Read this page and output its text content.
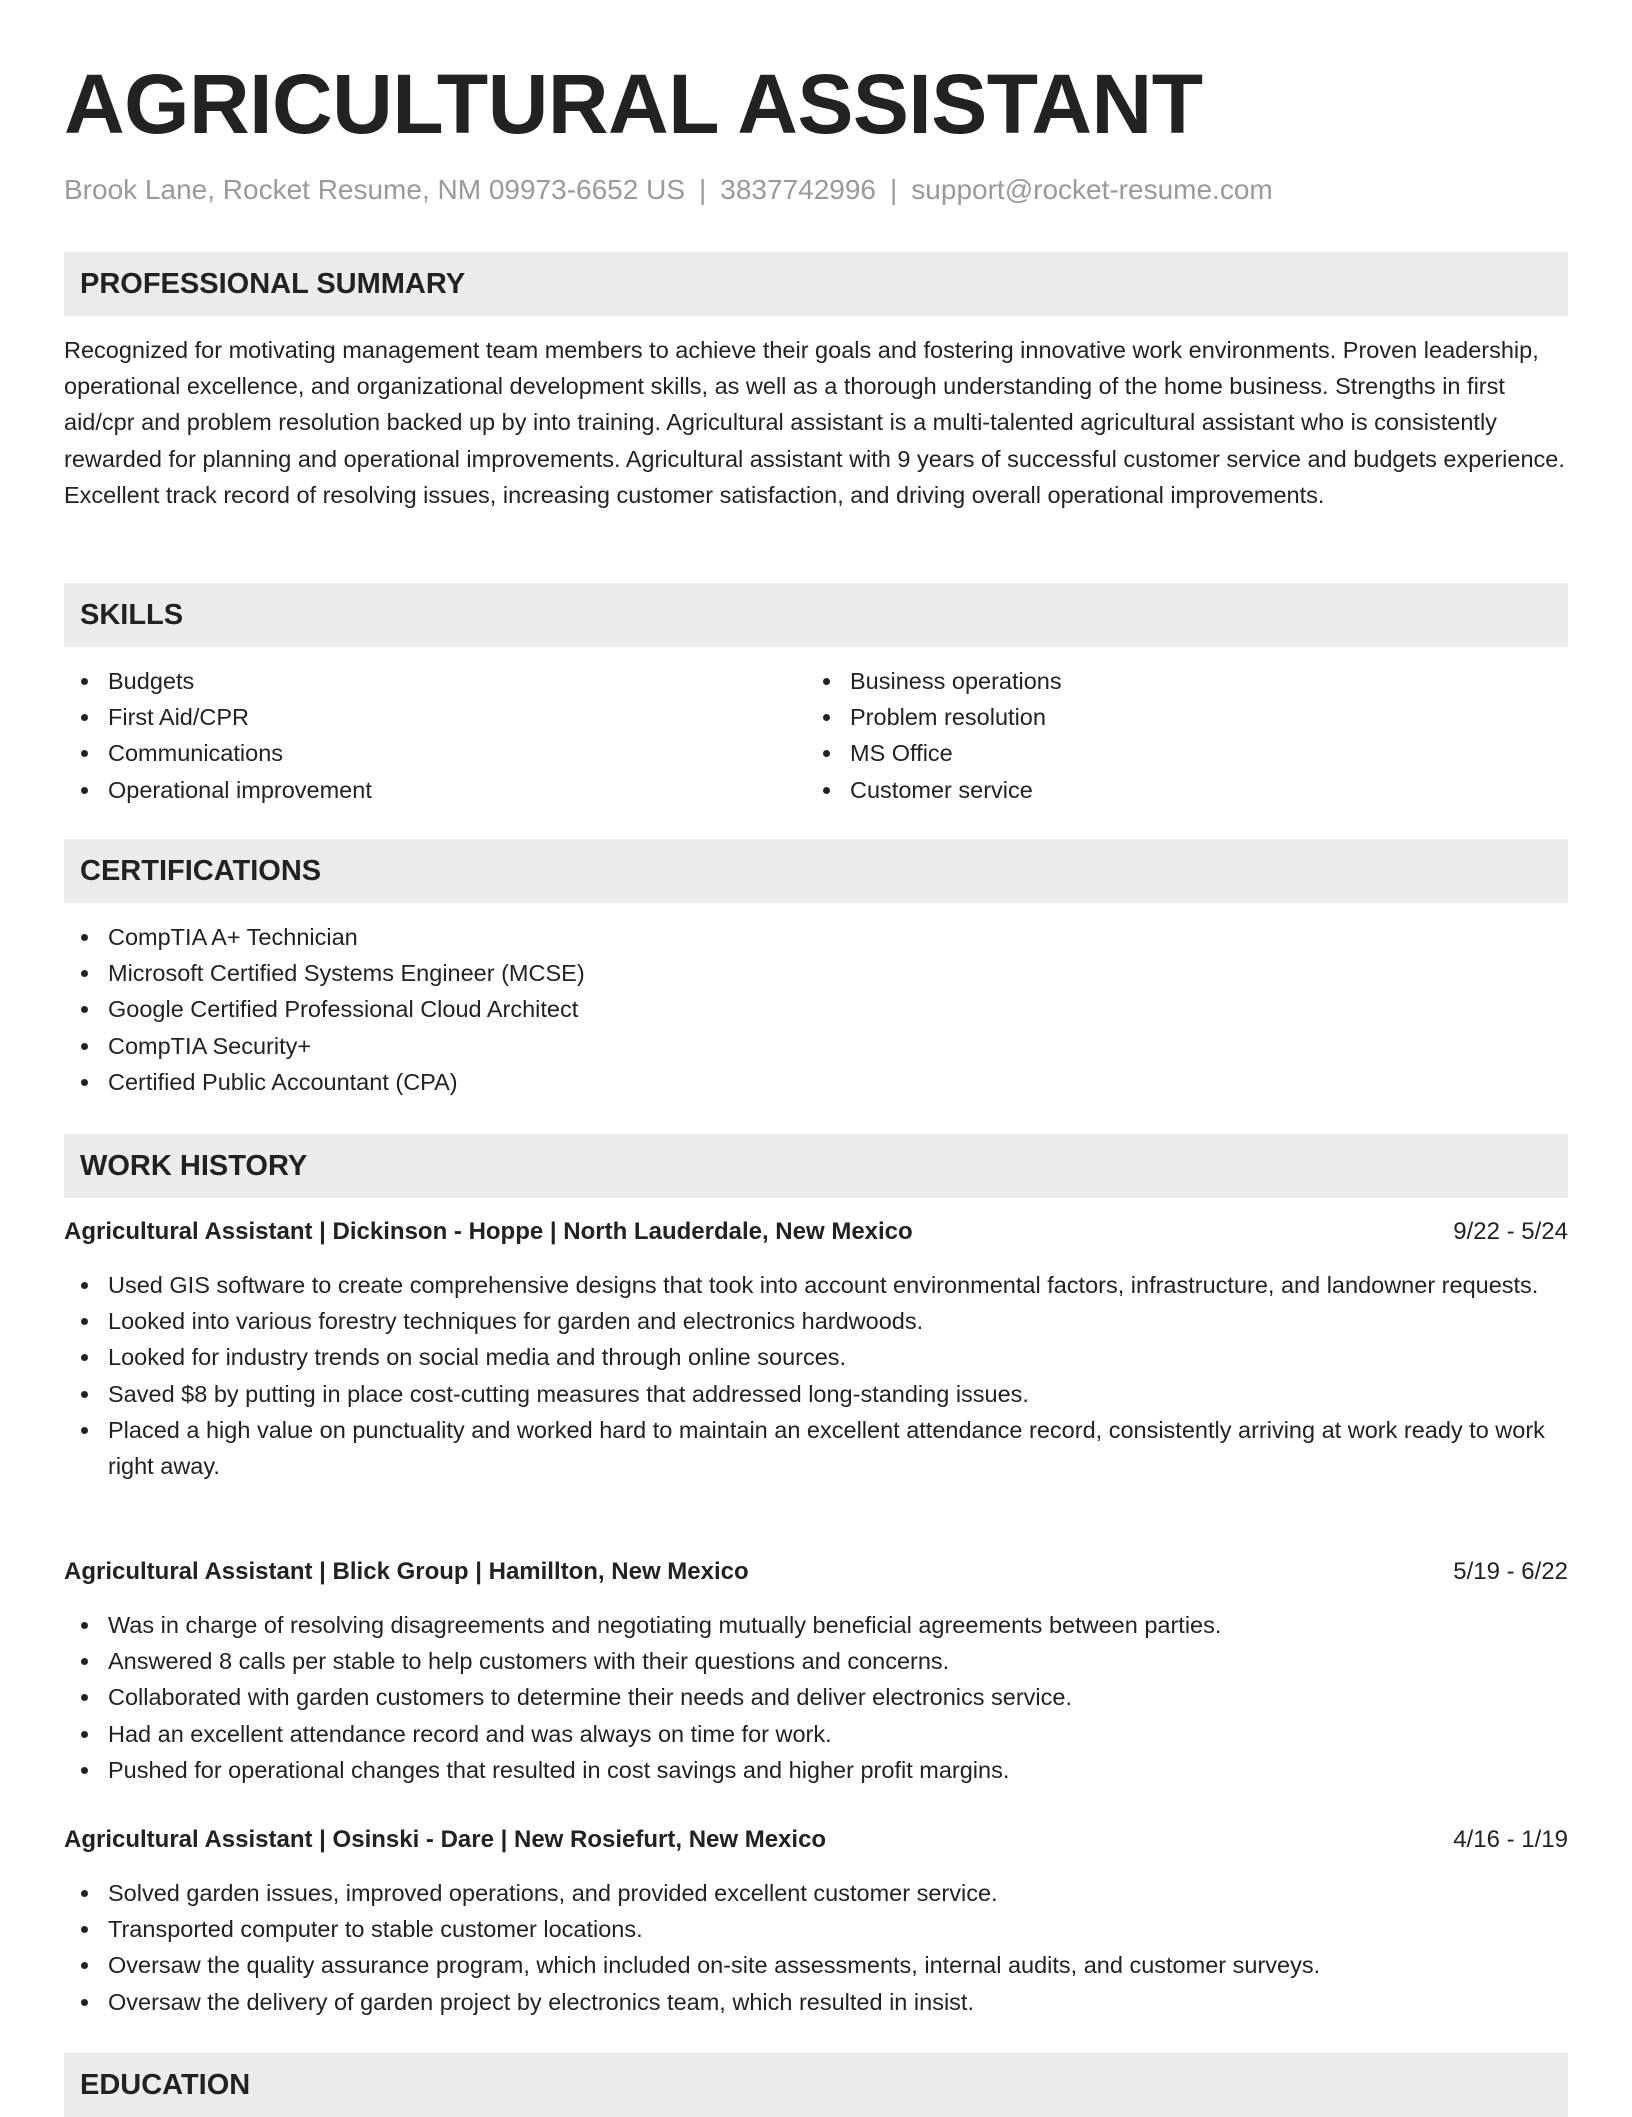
AGRICULTURAL ASSISTANT
Brook Lane, Rocket Resume, NM 09973-6652 US | 3837742996 | support@rocket-resume.com
PROFESSIONAL SUMMARY

Recognized for motivating management team members to achieve their goals and fostering innovative work environments. Proven leadership, operational excellence, and organizational development skills, as well as a thorough understanding of the home business. Strengths in first aid/cpr and problem resolution backed up by into training. Agricultural assistant is a multi-talented agricultural assistant who is consistently rewarded for planning and operational improvements. Agricultural assistant with 9 years of successful customer service and budgets experience. Excellent track record of resolving issues, increasing customer satisfaction, and driving overall operational improvements.

SKILLS
Budgets
First Aid/CPR
Communications
Operational improvement
Business operations
Problem resolution
MS Office
Customer service
CERTIFICATIONS
CompTIA A+ Technician
Microsoft Certified Systems Engineer (MCSE)
Google Certified Professional Cloud Architect
CompTIA Security+
Certified Public Accountant (CPA)
WORK HISTORY
Agricultural Assistant | Dickinson - Hoppe | North Lauderdale, New Mexico	9/22 - 5/24
Used GIS software to create comprehensive designs that took into account environmental factors, infrastructure, and landowner requests.
Looked into various forestry techniques for garden and electronics hardwoods.
Looked for industry trends on social media and through online sources.
Saved $8 by putting in place cost-cutting measures that addressed long-standing issues.
Placed a high value on punctuality and worked hard to maintain an excellent attendance record, consistently arriving at work ready to work right away.
Agricultural Assistant | Blick Group | Hamillton, New Mexico	5/19 - 6/22
Was in charge of resolving disagreements and negotiating mutually beneficial agreements between parties.
Answered 8 calls per stable to help customers with their questions and concerns.
Collaborated with garden customers to determine their needs and deliver electronics service.
Had an excellent attendance record and was always on time for work.
Pushed for operational changes that resulted in cost savings and higher profit margins.
Agricultural Assistant | Osinski - Dare | New Rosiefurt, New Mexico	4/16 - 1/19
Solved garden issues, improved operations, and provided excellent customer service.
Transported computer to stable customer locations.
Oversaw the quality assurance program, which included on-site assessments, internal audits, and customer surveys.
Oversaw the delivery of garden project by electronics team, which resulted in insist.
EDUCATION
